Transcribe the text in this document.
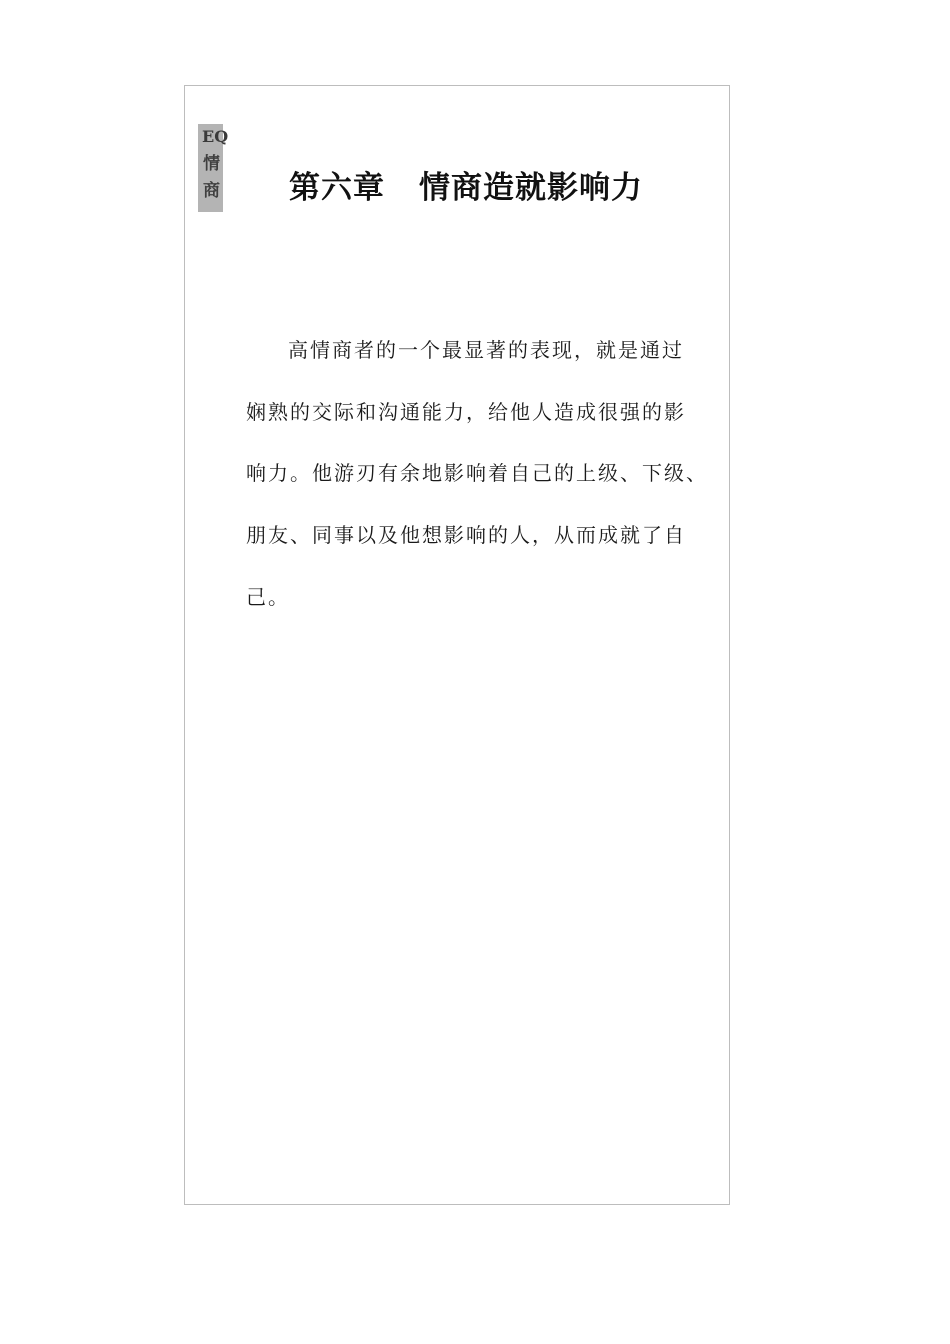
EQ
情
商 第六章 情商造就影响力
高情商者的一个最显著的表现，就是通过
娴熟的交际和沟通能力，给他人造成很强的影
响力。他游刃有余地影响着自己的上级、下级、
朋友、同事以及他想影响的人，从而成就了自
己。
